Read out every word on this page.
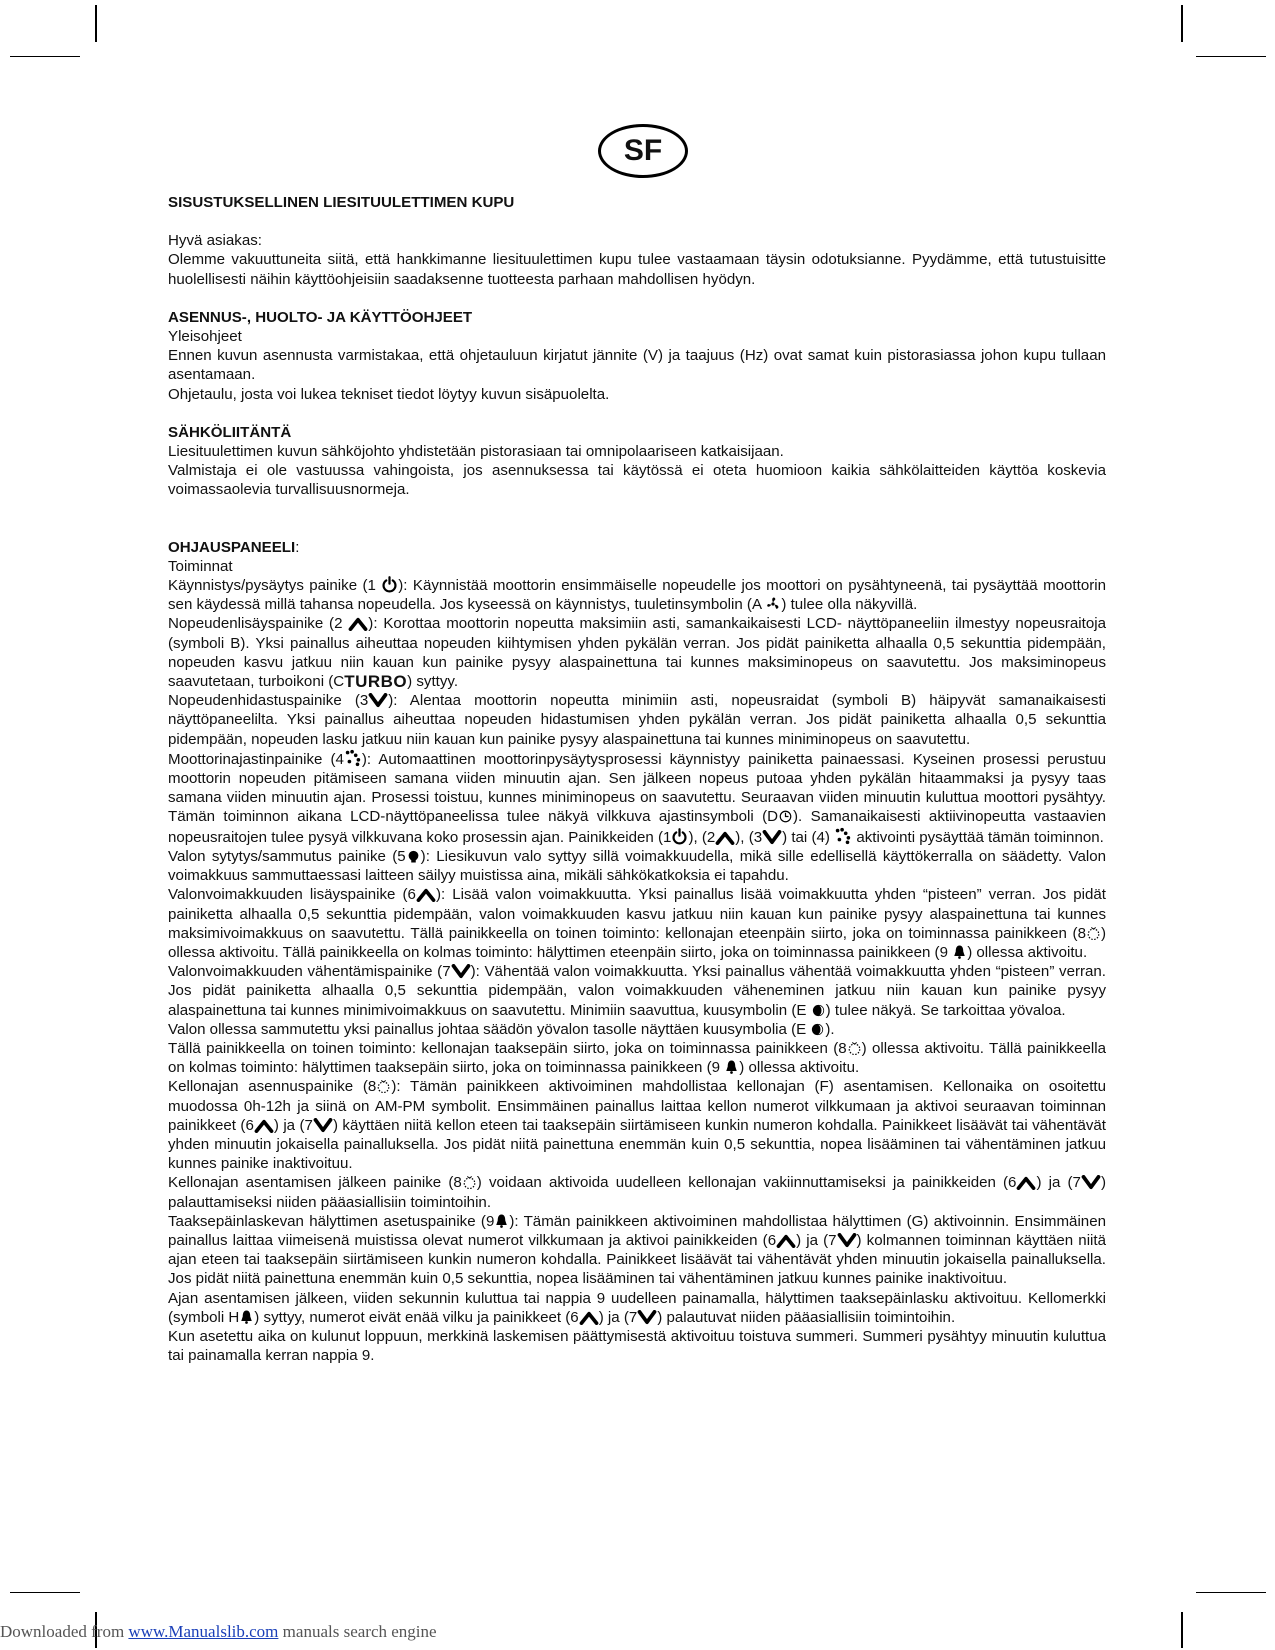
SF

SISUSTUKSELLINEN LIESITUULETTIMEN KUPU

Hyvä asiakas:

Olemme vakuuttuneita siitä, että hankkimanne liesituulettimen kupu tulee vastaamaan täysin odotuksianne. Pyydämme, että tutustuisitte huolellisesti näihin käyttöohjeisiin saadaksenne tuotteesta parhaan mahdollisen hyödyn.

ASENNUS-, HUOLTO- JA KÄYTTÖOHJEET

Yleisohjeet

Ennen kuvun asennusta varmistakaa, että ohjetauluun kirjatut jännite (V) ja taajuus (Hz) ovat samat kuin pistorasiassa johon kupu tullaan asentamaan.

Ohjetaulu, josta voi lukea tekniset tiedot löytyy kuvun sisäpuolelta.

SÄHKÖLIITÄNTÄ

Liesituulettimen kuvun sähköjohto yhdistetään pistorasiaan tai omnipolaariseen katkaisijaan.

Valmistaja ei ole vastuussa vahingoista, jos asennuksessa tai käytössä ei oteta huomioon kaikia sähkölaitteiden käyttöa koskevia voimassaolevia turvallisuusnormeja.

OHJAUSPANEELI:

Toiminnat

Käynnistys/pysäytys painike (1 ): Käynnistää moottorin ensimmäiselle nopeudelle jos moottori on pysähtyneenä, tai pysäyttää moottorin sen käydessä millä tahansa nopeudella. Jos kyseessä on käynnistys, tuuletinsymbolin (A ) tulee olla näkyvillä.

Nopeudenlisäyspainike (2 ): Korottaa moottorin nopeutta maksimiin asti, samankaikaisesti LCD- näyttöpaneeliin ilmestyy nopeusraitoja (symboli B). Yksi painallus aiheuttaa nopeuden kiihtymisen yhden pykälän verran. Jos pidät painiketta alhaalla 0,5 sekunttia pidempään, nopeuden kasvu jatkuu niin kauan kun painike pysyy alaspainettuna tai kunnes maksiminopeus on saavutettu. Jos maksiminopeus saavutetaan, turboikoni (CTURBO) syttyy.

Nopeudenhidastuspainike (3 ): Alentaa moottorin nopeutta minimiin asti, nopeusraidat (symboli B) häipyvät samanaikaisesti näyttöpaneelilta. Yksi painallus aiheuttaa nopeuden hidastumisen yhden pykälän verran. Jos pidät painiketta alhaalla 0,5 sekunttia pidempään, nopeuden lasku jatkuu niin kauan kun painike pysyy alaspainettuna tai kunnes miniminopeus on saavutettu.

Moottorinajastinpainike (4 ): Automaattinen moottorinpysäytysprosessi käynnistyy painiketta painaessasi. Kyseinen prosessi perustuu moottorin nopeuden pitämiseen samana viiden minuutin ajan. Sen jälkeen nopeus putoaa yhden pykälän hitaammaksi ja pysyy taas samana viiden minuutin ajan. Prosessi toistuu, kunnes miniminopeus on saavutettu. Seuraavan viiden minuutin kuluttua moottori pysähtyy. Tämän toiminnon aikana LCD-näyttöpaneelissa tulee näkyä vilkkuva ajastinsymboli (D ). Samanaikaisesti aktiivinopeutta vastaavien nopeusraitojen tulee pysyä vilkkuvana koko prosessin ajan. Painikkeiden (1 ), (2 ), (3 ) tai (4)  aktivointi pysäyttää tämän toiminnon.

Valon sytytys/sammutus painike (5 ): Liesikuvun valo syttyy sillä voimakkuudella, mikä sille edellisellä käyttökerralla on säädetty. Valon voimakkuus sammuttaessasi laitteen säilyy muistissa aina, mikäli sähkökatkoksia ei tapahdu.

Valonvoimakkuuden lisäyspainike (6 ): Lisää valon voimakkuutta. Yksi painallus lisää voimakkuutta yhden “pisteen” verran. Jos pidät painiketta alhaalla 0,5 sekunttia pidempään, valon voimakkuuden kasvu jatkuu niin kauan kun painike pysyy alaspainettuna tai kunnes maksimivoimakkuus on saavutettu. Tällä painikkeella on toinen toiminto: kellonajan eteenpäin siirto, joka on toiminnassa painikkeen (8 ) ollessa aktivoitu. Tällä painikkeella on kolmas toiminto: hälyttimen eteenpäin siirto, joka on toiminnassa painikkeen (9 ) ollessa aktivoitu.

Valonvoimakkuuden vähentämispainike (7 ): Vähentää valon voimakkuutta. Yksi painallus vähentää voimakkuutta yhden “pisteen” verran. Jos pidät painiketta alhaalla 0,5 sekunttia pidempään, valon voimakkuuden väheneminen jatkuu niin kauan kun painike pysyy alaspainettuna tai kunnes minimivoimakkuus on saavutettu. Minimiin saavuttua, kuusymbolin (E ) tulee näkyä. Se tarkoittaa yövaloa.

Valon ollessa sammutettu yksi painallus johtaa säädön yövalon tasolle näyttäen kuusymbolia (E ).

Tällä painikkeella on toinen toiminto: kellonajan taaksepäin siirto, joka on toiminnassa painikkeen (8 ) ollessa aktivoitu. Tällä painikkeella on kolmas toiminto: hälyttimen taaksepäin siirto, joka on toiminnassa painikkeen (9 ) ollessa aktivoitu.

Kellonajan asennuspainike (8 ): Tämän painikkeen aktivoiminen mahdollistaa kellonajan (F) asentamisen. Kellonaika on osoitettu muodossa 0h-12h ja siinä on AM-PM symbolit. Ensimmäinen painallus laittaa kellon numerot vilkkumaan ja aktivoi seuraavan toiminnan painikkeet (6 ) ja (7 ) käyttäen niitä kellon eteen tai taaksepäin siirtämiseen kunkin numeron kohdalla. Painikkeet lisäävät tai vähentävät yhden minuutin jokaisella painalluksella. Jos pidät niitä painettuna enemmän kuin 0,5 sekunttia, nopea lisääminen tai vähentäminen jatkuu kunnes painike inaktivoituu.

Kellonajan asentamisen jälkeen painike (8 ) voidaan aktivoida uudelleen kellonajan vakiinnuttamiseksi ja painikkeiden (6 ) ja (7 ) palauttamiseksi niiden pääasiallisiin toimintoihin.

Taaksepäinlaskevan hälyttimen asetuspainike (9 ): Tämän painikkeen aktivoiminen mahdollistaa hälyttimen (G) aktivoinnin. Ensimmäinen painallus laittaa viimeisenä muistissa olevat numerot vilkkumaan ja aktivoi painikkeiden (6 ) ja (7 ) kolmannen toiminnan käyttäen niitä ajan eteen tai taaksepäin siirtämiseen kunkin numeron kohdalla. Painikkeet lisäävät tai vähentävät yhden minuutin jokaisella painalluksella. Jos pidät niitä painettuna enemmän kuin 0,5 sekunttia, nopea lisääminen tai vähentäminen jatkuu kunnes painike inaktivoituu.

Ajan asentamisen jälkeen, viiden sekunnin kuluttua tai nappia 9 uudelleen painamalla, hälyttimen taaksepäinlasku aktivoituu. Kellomerkki (symboli H ) syttyy, numerot eivät enää vilku ja painikkeet (6 ) ja (7 ) palautuvat niiden pääasiallisiin toimintoihin.

Kun asetettu aika on kulunut loppuun, merkkinä laskemisen päättymisestä aktivoituu toistuva summeri. Summeri pysähtyy minuutin kuluttua tai painamalla kerran nappia 9.

Downloaded from www.Manualslib.com manuals search engine
